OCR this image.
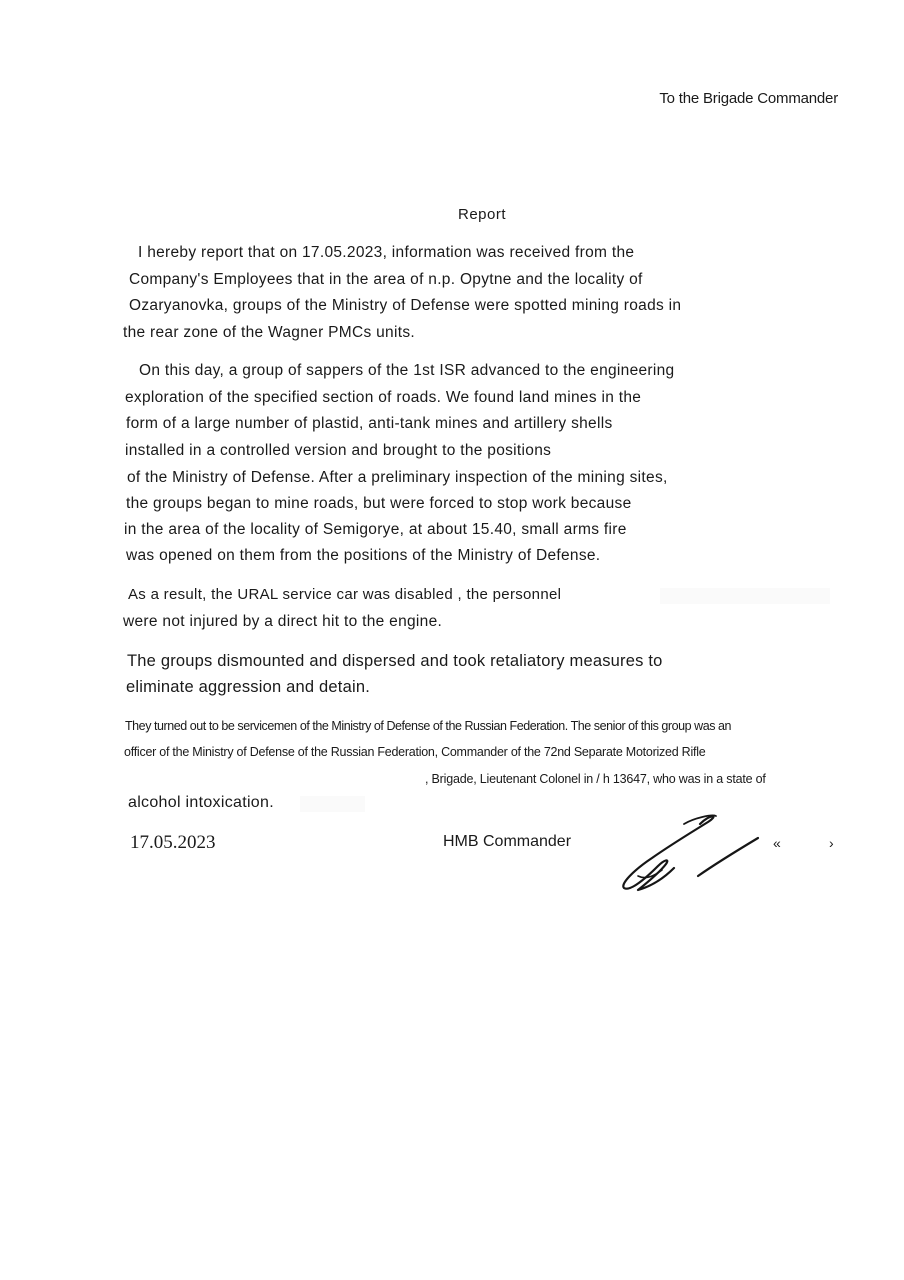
To the Brigade Commander
Report
I hereby report that on 17.05.2023, information was received from the
Company's Employees that in the area of n.p. Opytne and the locality of
Ozaryanovka, groups of the Ministry of Defense were spotted mining roads in
the rear zone of the Wagner PMCs units.
On this day, a group of sappers of the 1st ISR advanced to the engineering
exploration of the specified section of roads. We found land mines in the
form of a large number of plastid, anti-tank mines and artillery shells
installed in a controlled version and brought to the positions
of the Ministry of Defense. After a preliminary inspection of the mining sites,
the groups began to mine roads, but were forced to stop work because
in the area of the locality of Semigorye, at about 15.40, small arms fire
was opened on them from the positions of the Ministry of Defense.
As a result, the URAL service car was disabled , the personnel
were not injured by a direct hit to the engine.
The groups dismounted and dispersed and took retaliatory measures to
eliminate aggression and detain.
They turned out to be servicemen of the Ministry of Defense of the Russian Federation. The senior of this group was an
officer of the Ministry of Defense of the Russian Federation, Commander of the 72nd Separate Motorized Rifle
, Brigade, Lieutenant Colonel in / h 13647, who was in a state of
alcohol intoxication.
17.05.2023	HMB Commander	«	›
